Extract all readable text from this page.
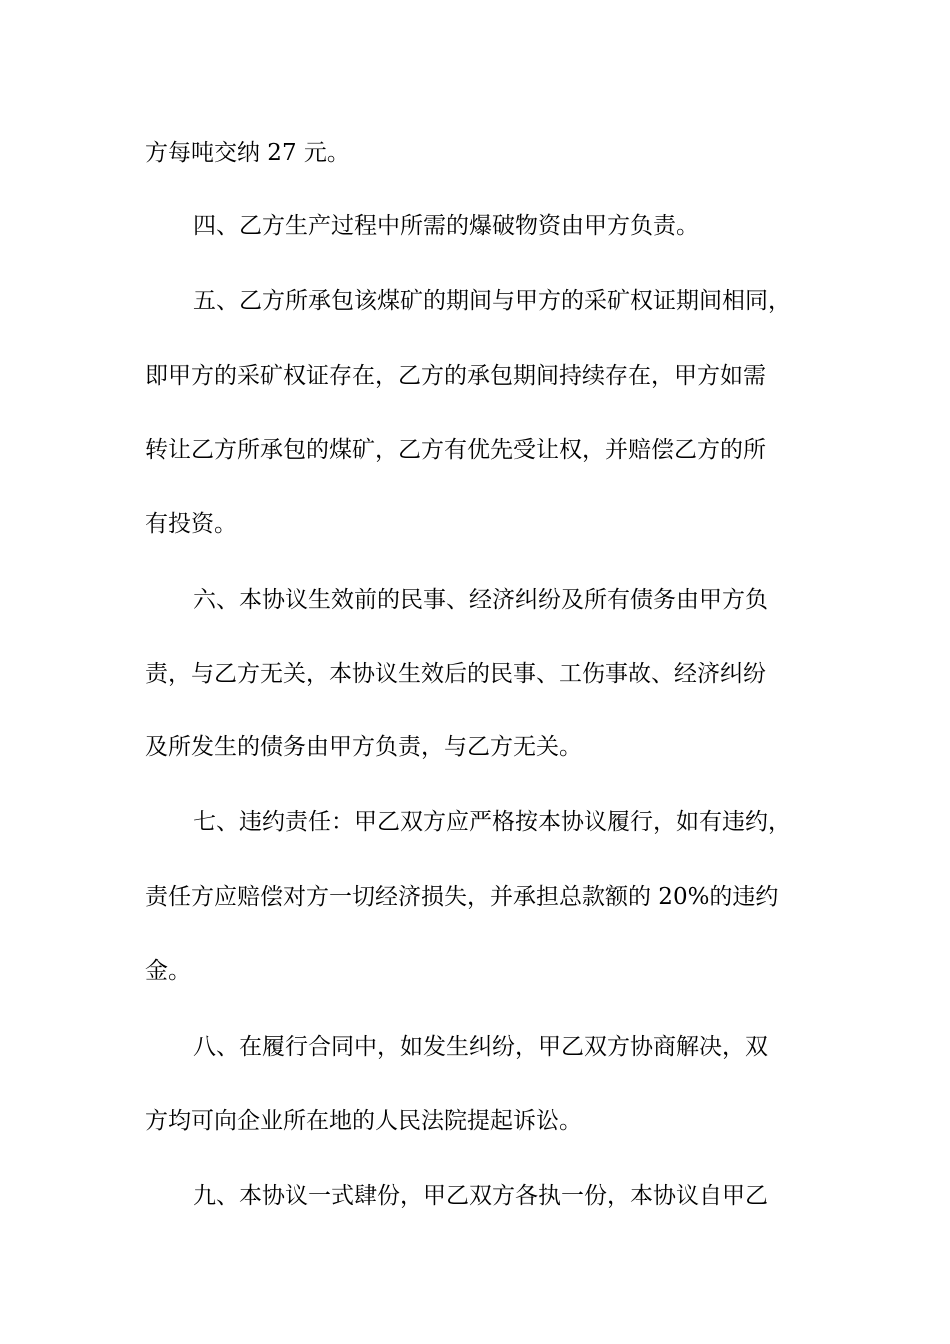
方每吨交纳 27 元。
四、乙方生产过程中所需的爆破物资由甲方负责。
五、乙方所承包该煤矿的期间与甲方的采矿权证期间相同，
即甲方的采矿权证存在，乙方的承包期间持续存在，甲方如需
转让乙方所承包的煤矿，乙方有优先受让权，并赔偿乙方的所
有投资。
六、本协议生效前的民事、经济纠纷及所有债务由甲方负
责，与乙方无关，本协议生效后的民事、工伤事故、经济纠纷
及所发生的债务由甲方负责，与乙方无关。
七、违约责任：甲乙双方应严格按本协议履行，如有违约，
责任方应赔偿对方一切经济损失，并承担总款额的 20%的违约
金。
八、在履行合同中，如发生纠纷，甲乙双方协商解决，双
方均可向企业所在地的人民法院提起诉讼。
九、本协议一式肆份，甲乙双方各执一份，本协议自甲乙
